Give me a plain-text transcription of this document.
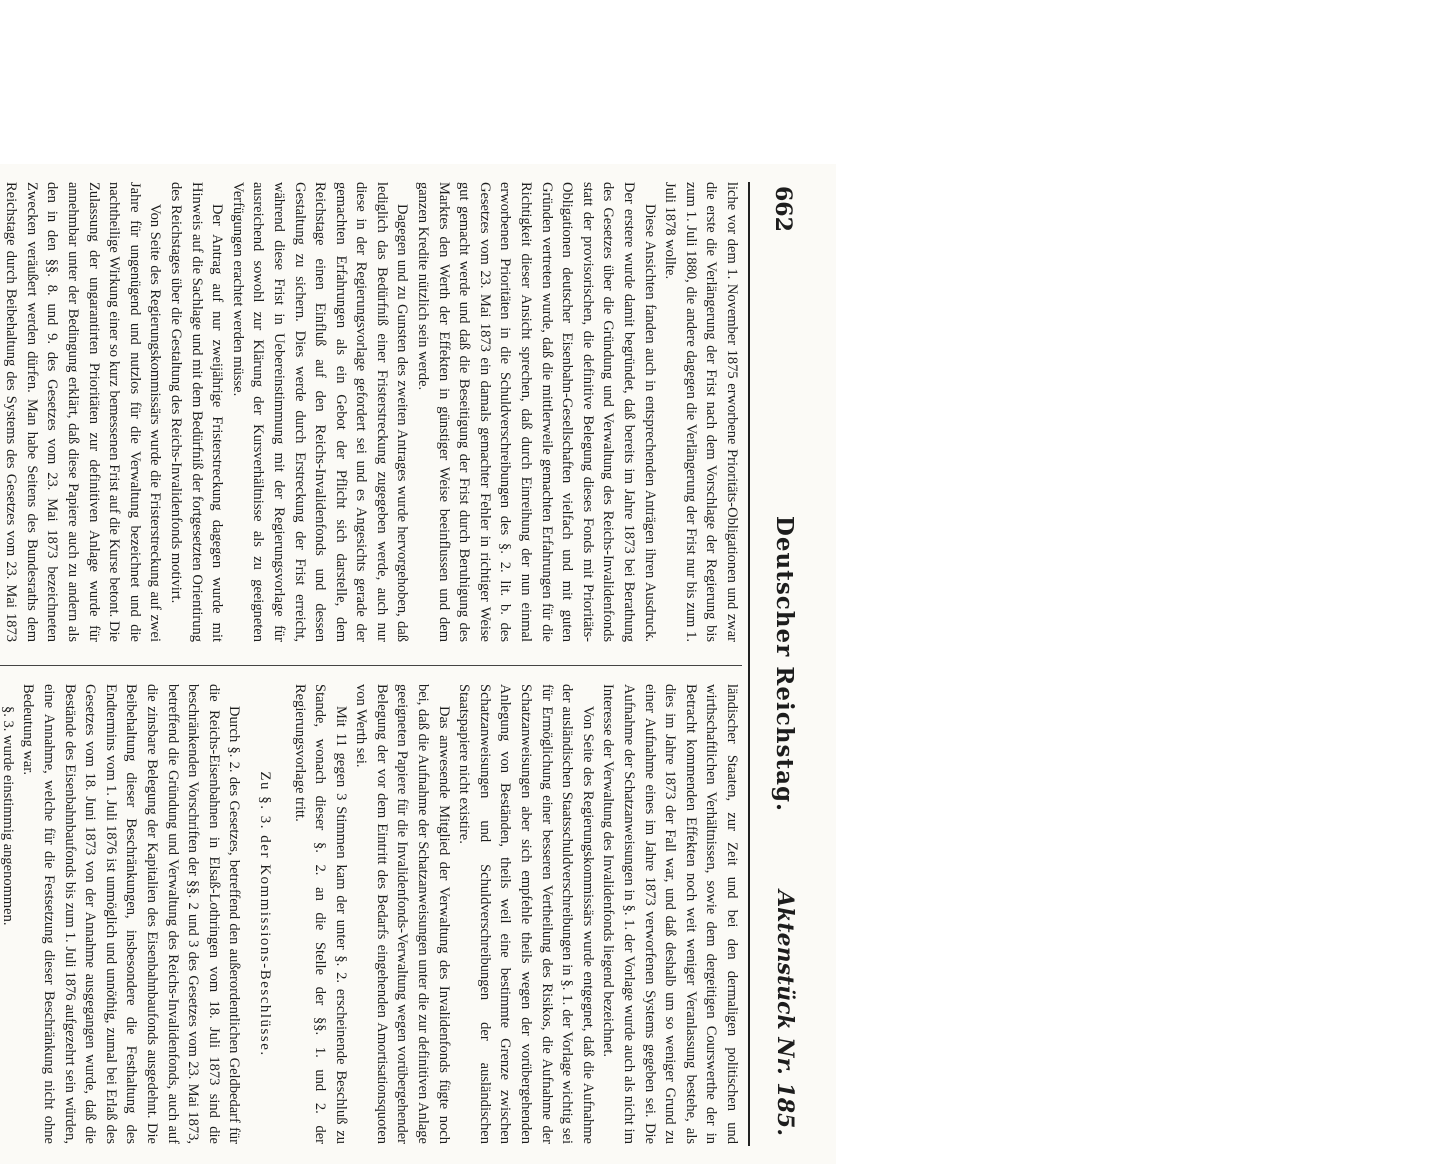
662
Deutscher Reichstag.
Aktenstück Nr. 185.

liche vor dem 1. November 1875 erworbene Prioritäts-Obligationen und zwar die erste die Verlängerung der Frist nach dem Vorschlage der Regierung bis zum 1. Juli 1880, die andere dagegen die Verlängerung der Frist nur bis zum 1. Juli 1878 wollte.

Diese Ansichten fanden auch in entsprechenden Anträgen ihren Ausdruck. Der erstere wurde damit begründet, daß bereits im Jahre 1873 bei Berathung des Gesetzes über die Gründung und Verwaltung des Reichs-Invalidenfonds statt der provisorischen, die definitive Belegung dieses Fonds mit Prioritäts-Obligationen deutscher Eisenbahn-Gesellschaften vielfach und mit guten Gründen vertreten wurde, daß die mittlerweile gemachten Erfahrungen für die Richtigkeit dieser Ansicht sprechen, daß durch Einreihung der nun einmal erworbenen Prioritäten in die Schuldverschreibungen des §. 2. lit. b. des Gesetzes vom 23. Mai 1873 ein damals gemachter Fehler in richtiger Weise gut gemacht werde und daß die Beseitigung der Frist durch Beruhigung des Marktes den Werth der Effekten in günstiger Weise beeinflussen und dem ganzen Kredite nützlich sein werde.

Dagegen und zu Gunsten des zweiten Antrages wurde hervorgehoben, daß lediglich das Bedürfniß einer Fristerstreckung zugegeben werde, auch nur diese in der Regierungsvorlage gefordert sei und es Angesichts gerade der gemachten Erfahrungen als ein Gebot der Pflicht sich darstelle, dem Reichstage einen Einfluß auf den Reichs-Invalidenfonds und dessen Gestaltung zu sichern. Dies werde durch Erstreckung der Frist erreicht, während diese Frist in Uebereinstimmung mit der Regierungsvorlage für ausreichend sowohl zur Klärung der Kursverhältnisse als zu geeigneten Verfügungen erachtet werden müsse.

Der Antrag auf nur zweijährige Fristerstreckung dagegen wurde mit Hinweis auf die Sachlage und mit dem Bedürfniß der fortgesetzten Orientirung des Reichstages über die Gestaltung des Reichs-Invalidenfonds motivirt.

Von Seite des Regierungskommissärs wurde die Fristerstreckung auf zwei Jahre für ungenügend und nutzlos für die Verwaltung bezeichnet und die nachtheilige Wirkung einer so kurz bemessenen Frist auf die Kurse betont. Die Zulassung der ungarantirten Prioritäten zur definitiven Anlage wurde für annehmbar unter der Bedingung erklärt, daß diese Papiere auch zu andern als den in den §§. 8. und 9. des Gesetzes vom 23. Mai 1873 bezeichneten Zwecken veräußert werden dürfen. Man habe Seitens des Bundesraths dem Reichstage durch Beibehaltung des Systems des Gesetzes vom 23. Mai 1873

ländischer Staaten, zur Zeit und bei den dermaligen politischen und wirthschaftlichen Verhältnissen, sowie dem dergeitigen Courswerthe der in Betracht kommenden Effekten noch weit weniger Veranlassung bestehe, als dies im Jahre 1873 der Fall war, und daß deshalb um so weniger Grund zu einer Aufnahme eines im Jahre 1873 verworfenen Systems gegeben sei. Die Aufnahme der Schatzanweisungen in §. 1. der Vorlage wurde auch als nicht im Interesse der Verwaltung des Invalidenfonds liegend bezeichnet.

Von Seite des Regierungskommissärs wurde entgegnet, daß die Aufnahme der ausländischen Staatsschuldverschreibungen in §. 1. der Vorlage wichtig sei für Ermöglichung einer besseren Vertheilung des Risikos, die Aufnahme der Schatzanweisungen aber sich empfehle theils wegen der vorübergehenden Anlegung von Beständen, theils weil eine bestimmte Grenze zwischen Schatzanweisungen und Schuldverschreibungen der ausländischen Staatspapiere nicht existire.

Das anwesende Mitglied der Verwaltung des Invalidenfonds fügte noch bei, daß die Aufnahme der Schatzanweisungen unter die zur definitiven Anlage geeigneten Papiere für die Invalidenfonds-Verwaltung wegen vorübergehender Belegung der vor dem Eintritt des Bedarfs eingehenden Amortisationsquoten von Werth sei.

Mit 11 gegen 3 Stimmen kam der unter §. 2. erscheinende Beschluß zu Stande, wonach dieser §. 2. an die Stelle der §§. 1. und 2. der Regierungsvorlage tritt.

Zu §. 3. der Kommissions-Beschlüsse.

Durch §. 2. des Gesetzes, betreffend den außerordentlichen Geldbedarf für die Reichs-Eisenbahnen in Elsaß-Lothringen vom 18. Juli 1873 sind die beschränkenden Vorschriften der §§. 2 und 3 des Gesetzes vom 23. Mai 1873, betreffend die Gründung und Verwaltung des Reichs-Invalidenfonds, auch auf die zinsbare Belegung der Kapitalien des Eisenbahnbaufonds ausgedehnt. Die Beibehaltung dieser Beschränkungen, insbesondere die Festhaltung des Endtermins vom 1. Juli 1876 ist unmöglich und unnöthig, zumal bei Erlaß des Gesetzes vom 18. Juni 1873 von der Annahme ausgegangen wurde, daß die Bestände des Eisenbahnbaufonds bis zum 1. Juli 1876 aufgezehrt sein würden, eine Annahme, welche für die Festsetzung dieser Beschränkung nicht ohne Bedeutung war.

§. 3. wurde einstimmig angenommen.
